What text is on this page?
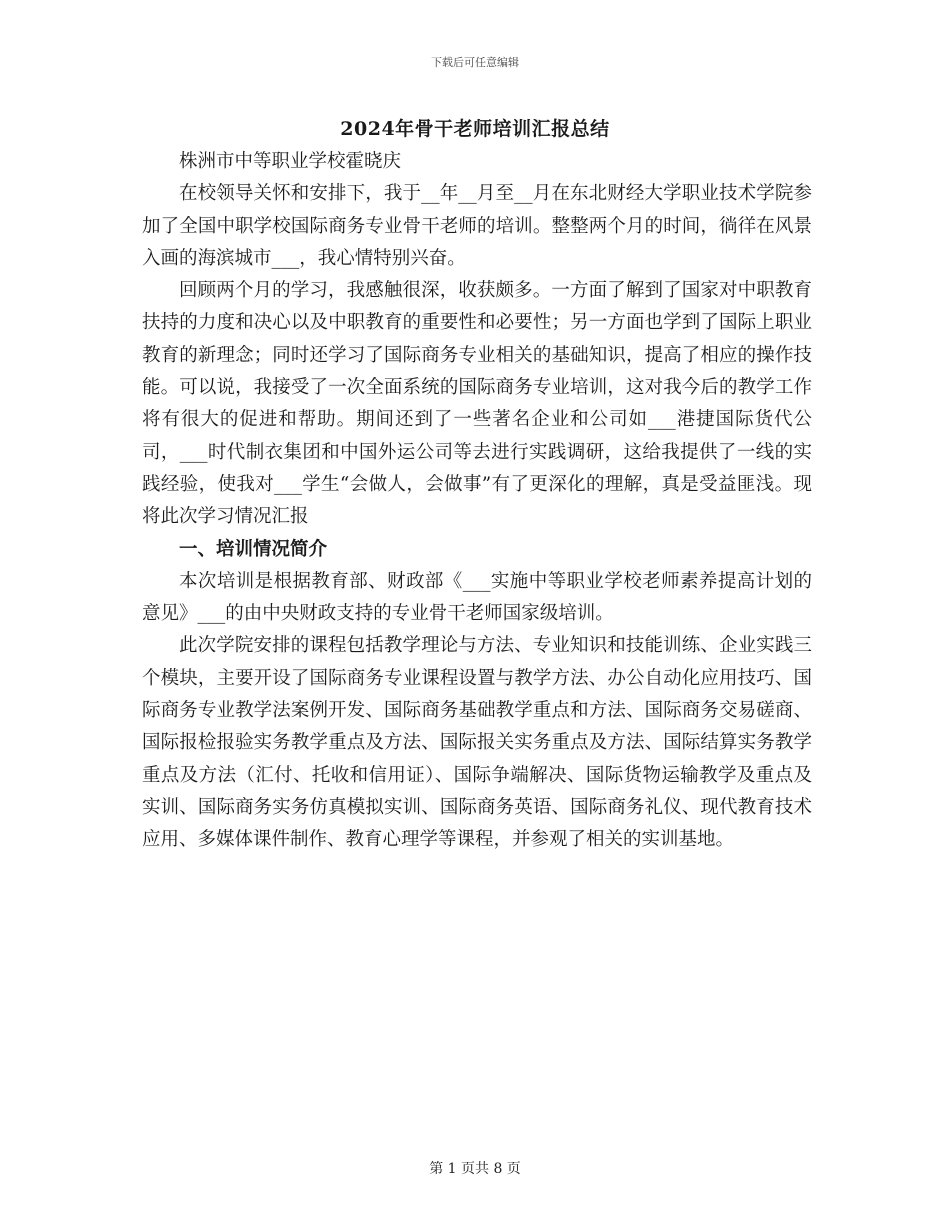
下载后可任意编辑
2024年骨干老师培训汇报总结

株洲市中等职业学校霍晓庆

在校领导关怀和安排下，我于__年__月至__月在东北财经大学职业技术学院参加了全国中职学校国际商务专业骨干老师的培训。整整两个月的时间，徜徉在风景入画的海滨城市___，我心情特别兴奋。

回顾两个月的学习，我感触很深，收获颇多。一方面了解到了国家对中职教育扶持的力度和决心以及中职教育的重要性和必要性；另一方面也学到了国际上职业教育的新理念；同时还学习了国际商务专业相关的基础知识，提高了相应的操作技能。可以说，我接受了一次全面系统的国际商务专业培训，这对我今后的教学工作将有很大的促进和帮助。期间还到了一些著名企业和公司如___港捷国际货代公司，___时代制衣集团和中国外运公司等去进行实践调研，这给我提供了一线的实践经验，使我对___学生“会做人，会做事”有了更深化的理解，真是受益匪浅。现将此次学习情况汇报

一、培训情况简介

本次培训是根据教育部、财政部《___实施中等职业学校老师素养提高计划的意见》___的由中央财政支持的专业骨干老师国家级培训。

此次学院安排的课程包括教学理论与方法、专业知识和技能训练、企业实践三个模块，主要开设了国际商务专业课程设置与教学方法、办公自动化应用技巧、国际商务专业教学法案例开发、国际商务基础教学重点和方法、国际商务交易磋商、国际报检报验实务教学重点及方法、国际报关实务重点及方法、国际结算实务教学重点及方法（汇付、托收和信用证）、国际争端解决、国际货物运输教学及重点及实训、国际商务实务仿真模拟实训、国际商务英语、国际商务礼仪、现代教育技术应用、多媒体课件制作、教育心理学等课程，并参观了相关的实训基地。

第 1 页共 8 页
